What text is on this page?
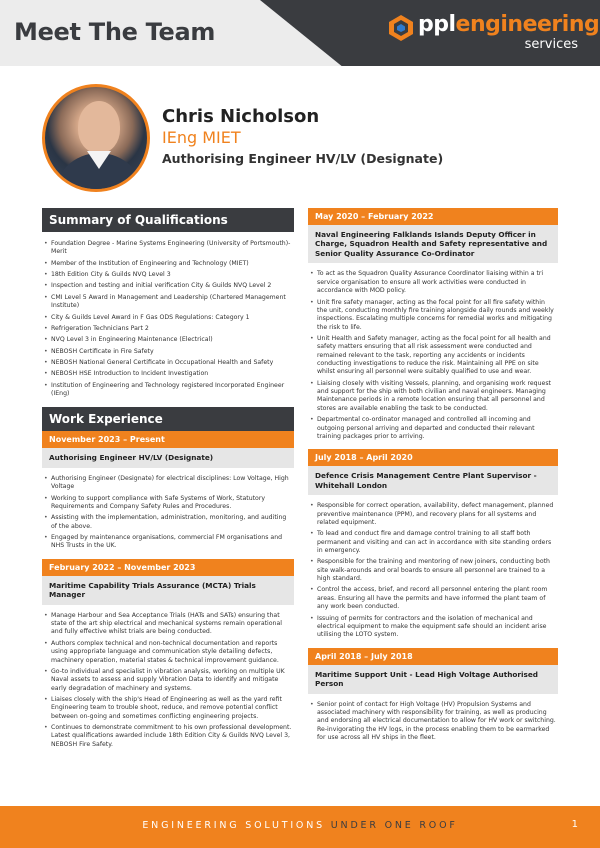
Meet The Team	pplengineering
services
Chris Nicholson
IEng MIET
Authorising Engineer HV/LV (Designate)
Summary of Qualifications
• Foundation Degree - Marine Systems Engineering (University of Portsmouth)-Merit
• Member of the Institution of Engineering and Technology (MIET)
• 18th Edition City & Guilds NVQ Level 3
• Inspection and testing and initial verification City & Guilds NVQ Level 2
• CMI Level 5 Award in Management and Leadership (Chartered Management Institute)
• City & Guilds Level Award in F Gas ODS Regulations: Category 1
• Refrigeration Technicians Part 2
• NVQ Level 3 in Engineering Maintenance (Electrical)
• NEBOSH Certificate in Fire Safety
• NEBOSH National General Certificate in Occupational Health and Safety
• NEBOSH HSE Introduction to Incident Investigation
• Institution of Engineering and Technology registered Incorporated Engineer (IEng)
Work Experience
November 2023 – Present
Authorising Engineer HV/LV (Designate)
• Authorising Engineer (Designate) for electrical disciplines: Low Voltage, High Voltage
• Working to support compliance with Safe Systems of Work, Statutory Requirements and Company Safety Rules and Procedures.
• Assisting with the implementation, administration, monitoring, and auditing of the above.
• Engaged by maintenance organisations, commercial FM organisations and NHS Trusts in the UK.
February 2022 – November 2023
Maritime Capability Trials Assurance (MCTA) Trials Manager
• Manage Harbour and Sea Acceptance Trials (HATs and SATs) ensuring that state of the art ship electrical and mechanical systems remain operational and fully effective whilst trials are being conducted.
• Authors complex technical and non-technical documentation and reports using appropriate language and communication style detailing defects, machinery operation, material states & technical improvement guidance.
• Go-to individual and specialist in vibration analysis, working on multiple UK Naval assets to assess and supply Vibration Data to identify and mitigate early degradation of machinery and systems.
• Liaises closely with the ship's Head of Engineering as well as the yard refit Engineering team to trouble shoot, reduce, and remove potential conflict between on-going and sometimes conflicting engineering projects.
• Continues to demonstrate commitment to his own professional development. Latest qualifications awarded include 18th Edition City & Guilds NVQ Level 3, NEBOSH Fire Safety.
May 2020 – February 2022
Naval Engineering Falklands Islands Deputy Officer in Charge, Squadron Health and Safety representative and Senior Quality Assurance Co-Ordinator
• To act as the Squadron Quality Assurance Coordinator liaising within a tri service organisation to ensure all work activities were conducted in accordance with MOD policy.
• Unit fire safety manager, acting as the focal point for all fire safety within the unit, conducting monthly fire training alongside daily rounds and weekly inspections. Escalating multiple concerns for remedial works and mitigating the risk to life.
• Unit Health and Safety manager, acting as the focal point for all health and safety matters ensuring that all risk assessment were conducted and remained relevant to the task, reporting any accidents or incidents conducting investigations to reduce the risk. Maintaining all PPE on site whilst ensuring all personnel were suitably qualified to use and wear.
• Liaising closely with visiting Vessels, planning, and organising work request and support for the ship with both civilian and naval engineers. Managing Maintenance periods in a remote location ensuring that all personnel and stores are available enabling the task to be conducted.
• Departmental co-ordinator managed and controlled all incoming and outgoing personal arriving and departed and conducted their relevant training packages prior to arriving.
July 2018 – April 2020
Defence Crisis Management Centre Plant Supervisor - Whitehall London
• Responsible for correct operation, availability, defect management, planned preventive maintenance (PPM), and recovery plans for all systems and related equipment.
• To lead and conduct fire and damage control training to all staff both permanent and visiting and can act in accordance with site standing orders in emergency.
• Responsible for the training and mentoring of new joiners, conducting both site walk-arounds and oral boards to ensure all personnel are trained to a high standard.
• Control the access, brief, and record all personnel entering the plant room areas. Ensuring all have the permits and have informed the plant team of any work been conducted.
• Issuing of permits for contractors and the isolation of mechanical and electrical equipment to make the equipment safe should an incident arise utilising the LOTO system.
April 2018 – July 2018
Maritime Support Unit - Lead High Voltage Authorised Person
• Senior point of contact for High Voltage (HV) Propulsion Systems and associated machinery with responsibility for training, as well as producing and endorsing all electrical documentation to allow for HV work or switching. Re-invigorating the HV logs, in the process enabling them to be earmarked for use across all HV ships in the fleet.
ENGINEERING SOLUTIONS UNDER ONE ROOF	1
